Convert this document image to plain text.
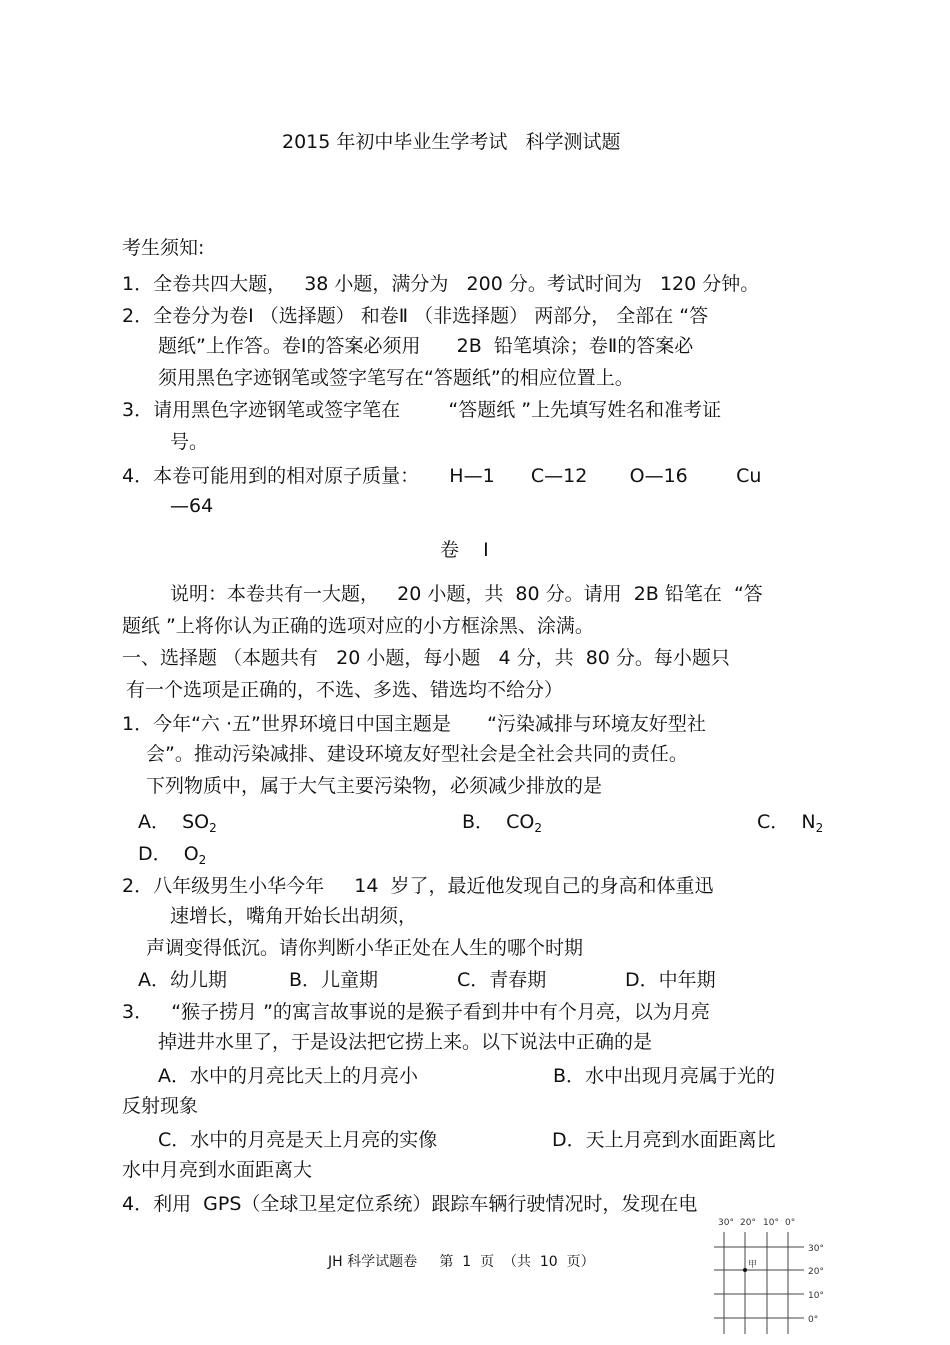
2015 年初中毕业生学考试   科学测试题
考生须知:
1．全卷共四大题，   38 小题，满分为   200 分。考试时间为   120 分钟。
2．全卷分为卷Ⅰ （选择题） 和卷Ⅱ （非选择题） 两部分， 全部在 “答
题纸”上作答。卷Ⅰ的答案必须用      2B  铅笔填涂；卷Ⅱ的答案必
须用黑色字迹钢笔或签字笔写在“答题纸”的相应位置上。
3．请用黑色字迹钢笔或签字笔在        “答题纸 ”上先填写姓名和准考证
号。
4．本卷可能用到的相对原子质量：     H—1      C—12       O—16        Cu
—64
卷    Ⅰ
说明：本卷共有一大题，   20 小题，共  80 分。请用  2B 铅笔在  “答
题纸 ”上将你认为正确的选项对应的小方框涂黑、涂满。
一、选择题 （本题共有   20 小题，每小题   4 分，共  80 分。每小题只
有一个选项是正确的，不选、多选、错选均不给分）
1．今年“六 ·五”世界环境日中国主题是      “污染减排与环境友好型社
会”。推动污染减排、建设环境友好型社会是全社会共同的责任。
下列物质中，属于大气主要污染物，必须减少排放的是
A．  $SO_2$	B．  $CO_2$	C．  $N_2$
D．  $O_2$
2．八年级男生小华今年     14  岁了，最近他发现自己的身高和体重迅
速增长，嘴角开始长出胡须，
声调变得低沉。请你判断小华正处在人生的哪个时期
A．幼儿期	B．儿童期	C．青春期	D．中年期
3．   “猴子捞月 ”的寓言故事说的是猴子看到井中有个月亮，以为月亮
掉进井水里了，于是设法把它捞上来。以下说法中正确的是
A．水中的月亮比天上的月亮小	B．水中出现月亮属于光的
反射现象
C．水中的月亮是天上月亮的实像	D．天上月亮到水面距离比
水中月亮到水面距离大
4．利用  GPS（全球卫星定位系统）跟踪车辆行驶情况时，发现在电
JH 科学试题卷     第  1  页  （共  10  页）
30° 20° 10° 0°
30°
20°
10°
0°
甲
